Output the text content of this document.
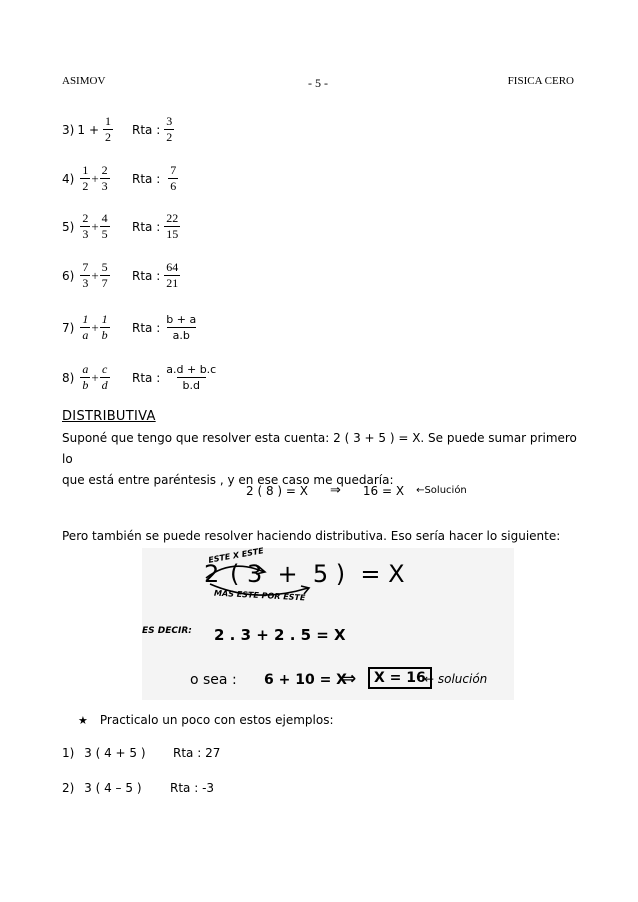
ASIMOV	- 5 -	FISICA CERO
3) $1 + \frac{1}{2}$ Rta : $\frac{3}{2}$
$4) \frac{1}{2} + \frac{2}{3}$ Rta : $\frac{7}{6}$
$5) \frac{2}{3} + \frac{4}{5}$ Rta : $\frac{22}{15}$
$6) \frac{7}{3} + \frac{5}{7}$ Rta : $\frac{64}{21}$
$7) \frac{1}{a} + \frac{1}{b}$ Rta : $\frac{b + a}{a.b}$
$8) \frac{a}{b} + \frac{c}{d}$ Rta : $\frac{a.d + b.c}{b.d}$
DISTRIBUTIVA
Suponé que tengo que resolver esta cuenta: 2 ( 3 + 5 ) = X. Se puede sumar primero lo
que está entre paréntesis , y en ese caso me quedaría:
2 ( 8 ) = X ⇒ 16 = X ←Solución
Pero también se puede resolver haciendo distributiva. Eso sería hacer lo siguiente:
ESTE X ESTE
2 ( 3  +  5 )  = X
MAS ESTE POR ESTE
ES DECIR: 2 . 3 + 2 . 5 = X
o sea : 6 + 10 = X
⇒	X = 16
← solución
★ Practicalo un poco con estos ejemplos:
1) 3 ( 4 + 5 ) Rta : 27
2) 3 ( 4 – 5 ) Rta : -3
